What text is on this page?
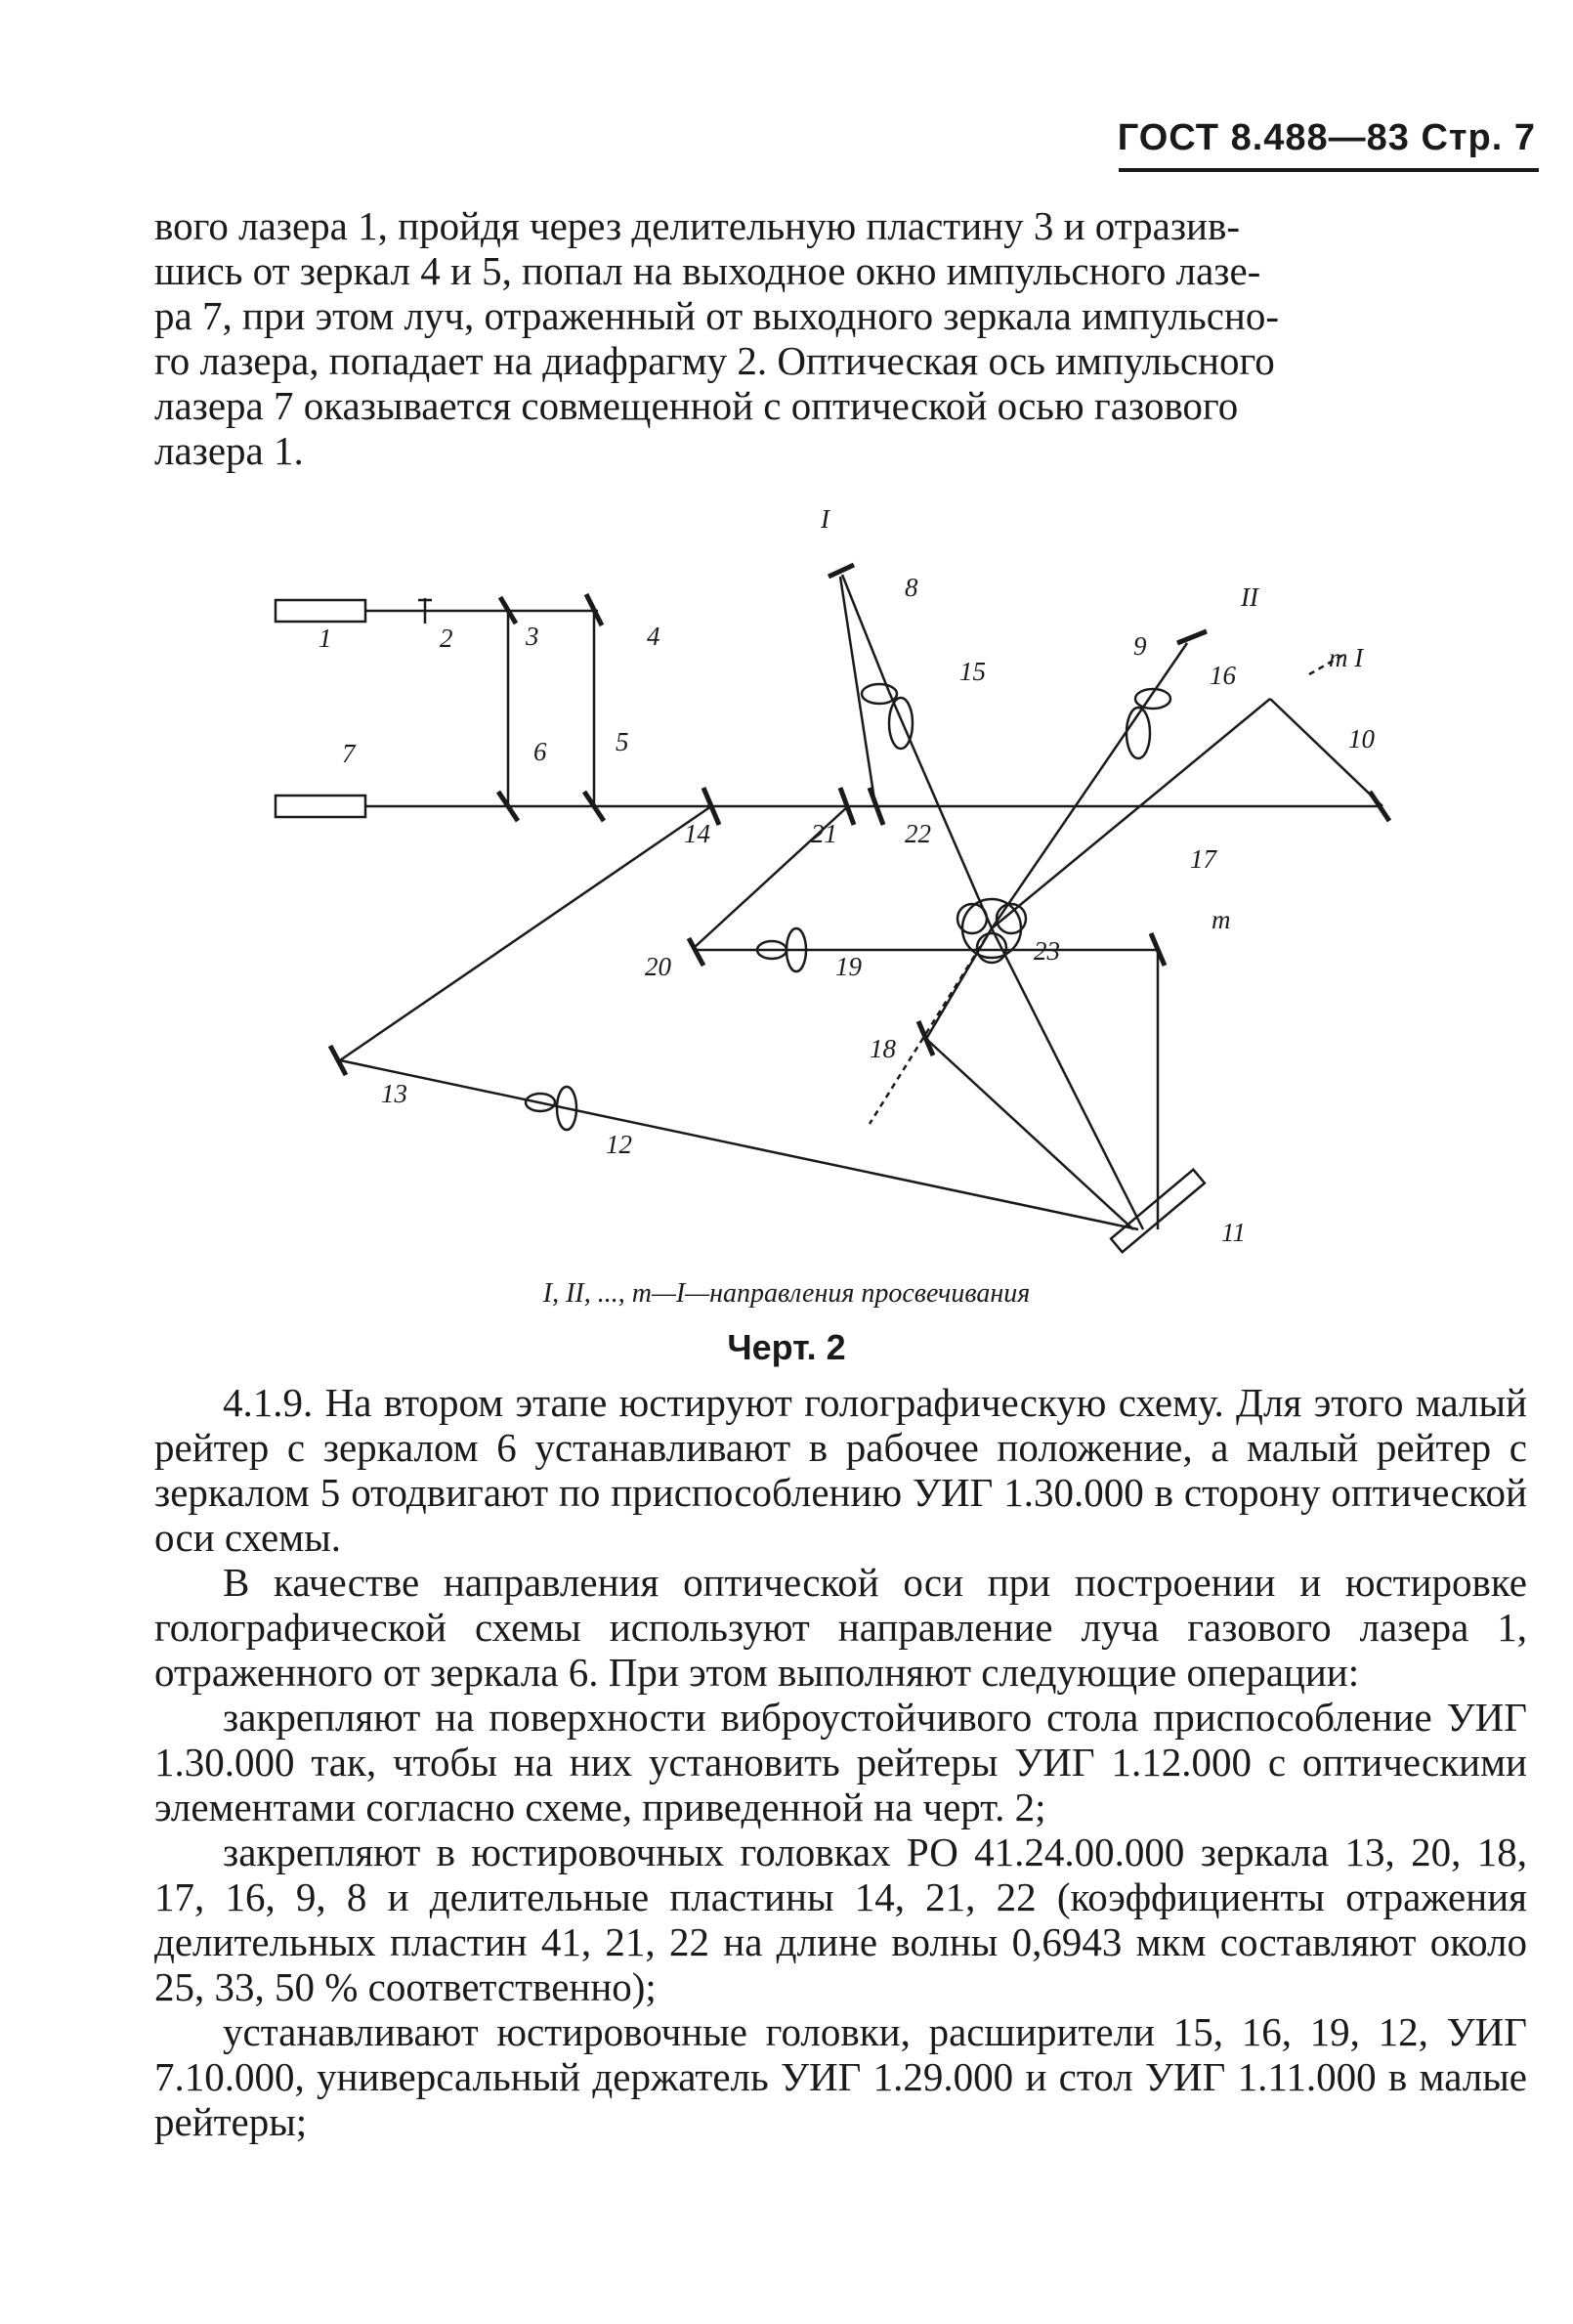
ГОСТ 8.488—83 Стр. 7

вого лазера 1, пройдя через делительную пластину 3 и отразив-

шись от зеркал 4 и 5, попал на выходное окно импульсного лазе-

ра 7, при этом луч, отраженный от выходного зеркала импульсно-

го лазера, попадает на диафрагму 2. Оптическая ось импульсного

лазера 7 оказывается совмещенной с оптической осью газового

лазера 1.

1	2	3	4
5
6
7
8
9
10
11
12
13
14
15	16
17
18
19
20
21	22
23
I
II
m
m I
I, II, ..., m—I—направления просвечивания
Черт. 2

4.1.9. На втором этапе юстируют голографическую схему. Для этого малый рейтер с зеркалом 6 устанавливают в рабочее положение, а малый рейтер с зеркалом 5 отодвигают по приспособлению УИГ 1.30.000 в сторону оптической оси схемы.

В качестве направления оптической оси при построении и юстировке голографической схемы используют направление луча газового лазера 1, отраженного от зеркала 6. При этом выполняют следующие операции:

закрепляют на поверхности виброустойчивого стола приспособление УИГ 1.30.000 так, чтобы на них установить рейтеры УИГ 1.12.000 с оптическими элементами согласно схеме, приведенной на черт. 2;

закрепляют в юстировочных головках РО 41.24.00.000 зеркала 13, 20, 18, 17, 16, 9, 8 и делительные пластины 14, 21, 22 (коэффициенты отражения делительных пластин 41, 21, 22 на длине волны 0,6943 мкм составляют около 25, 33, 50 % соответственно);

устанавливают юстировочные головки, расширители 15, 16, 19, 12, УИГ 7.10.000, универсальный держатель УИГ 1.29.000 и стол УИГ 1.11.000 в малые рейтеры;
